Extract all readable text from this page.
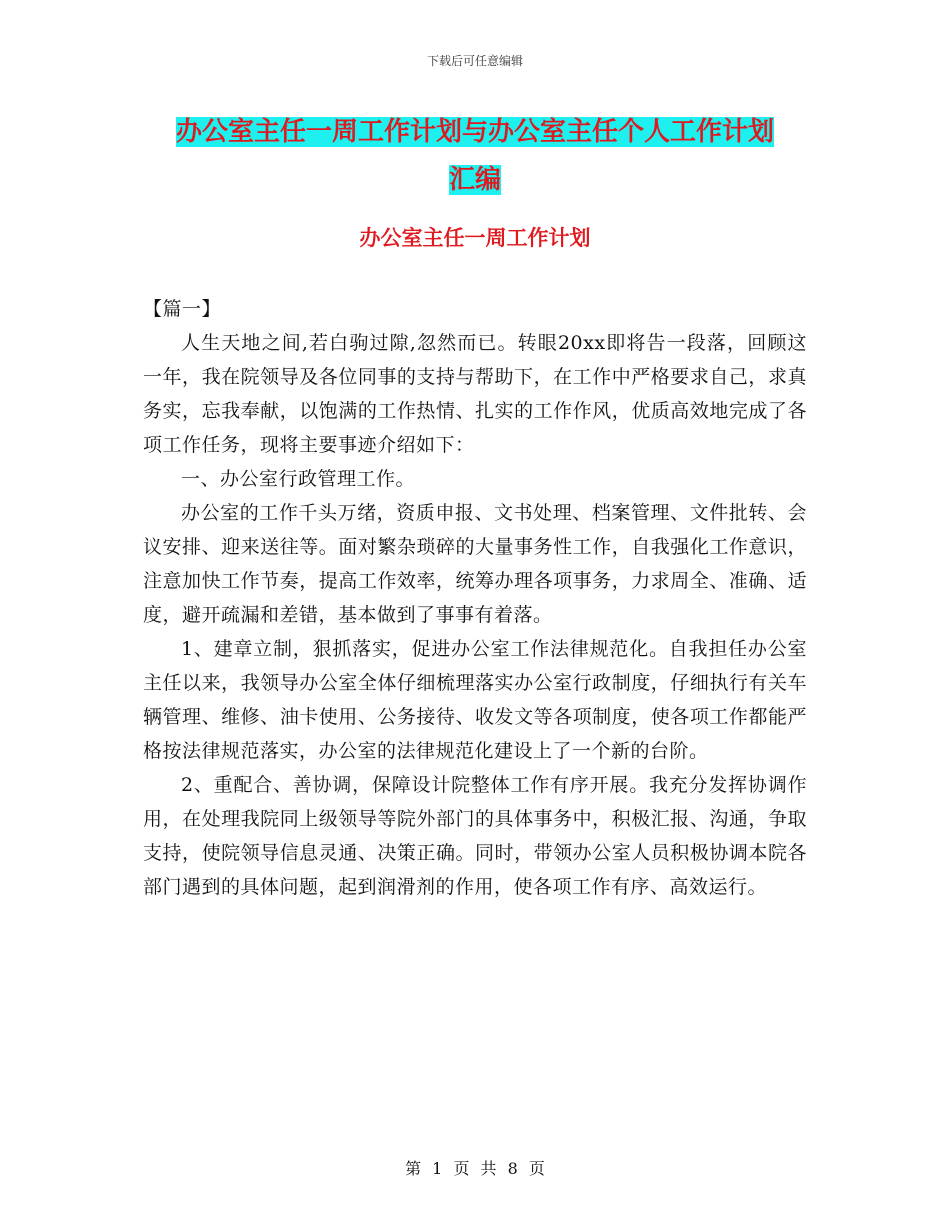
下载后可任意编辑
办公室主任一周工作计划与办公室主任个人工作计划
汇编
办公室主任一周工作计划

【篇一】

人生天地之间,若白驹过隙,忽然而已。转眼20xx即将告一段落，回顾这一年，我在院领导及各位同事的支持与帮助下，在工作中严格要求自己，求真务实，忘我奉献，以饱满的工作热情、扎实的工作作风，优质高效地完成了各项工作任务，现将主要事迹介绍如下：

一、办公室行政管理工作。

办公室的工作千头万绪，资质申报、文书处理、档案管理、文件批转、会议安排、迎来送往等。面对繁杂琐碎的大量事务性工作，自我强化工作意识，注意加快工作节奏，提高工作效率，统筹办理各项事务，力求周全、准确、适度，避开疏漏和差错，基本做到了事事有着落。

1、建章立制，狠抓落实，促进办公室工作法律规范化。自我担任办公室主任以来，我领导办公室全体仔细梳理落实办公室行政制度，仔细执行有关车辆管理、维修、油卡使用、公务接待、收发文等各项制度，使各项工作都能严格按法律规范落实，办公室的法律规范化建设上了一个新的台阶。

2、重配合、善协调，保障设计院整体工作有序开展。我充分发挥协调作用，在处理我院同上级领导等院外部门的具体事务中，积极汇报、沟通，争取支持，使院领导信息灵通、决策正确。同时，带领办公室人员积极协调本院各部门遇到的具体问题，起到润滑剂的作用，使各项工作有序、高效运行。

第 1 页 共 8 页
